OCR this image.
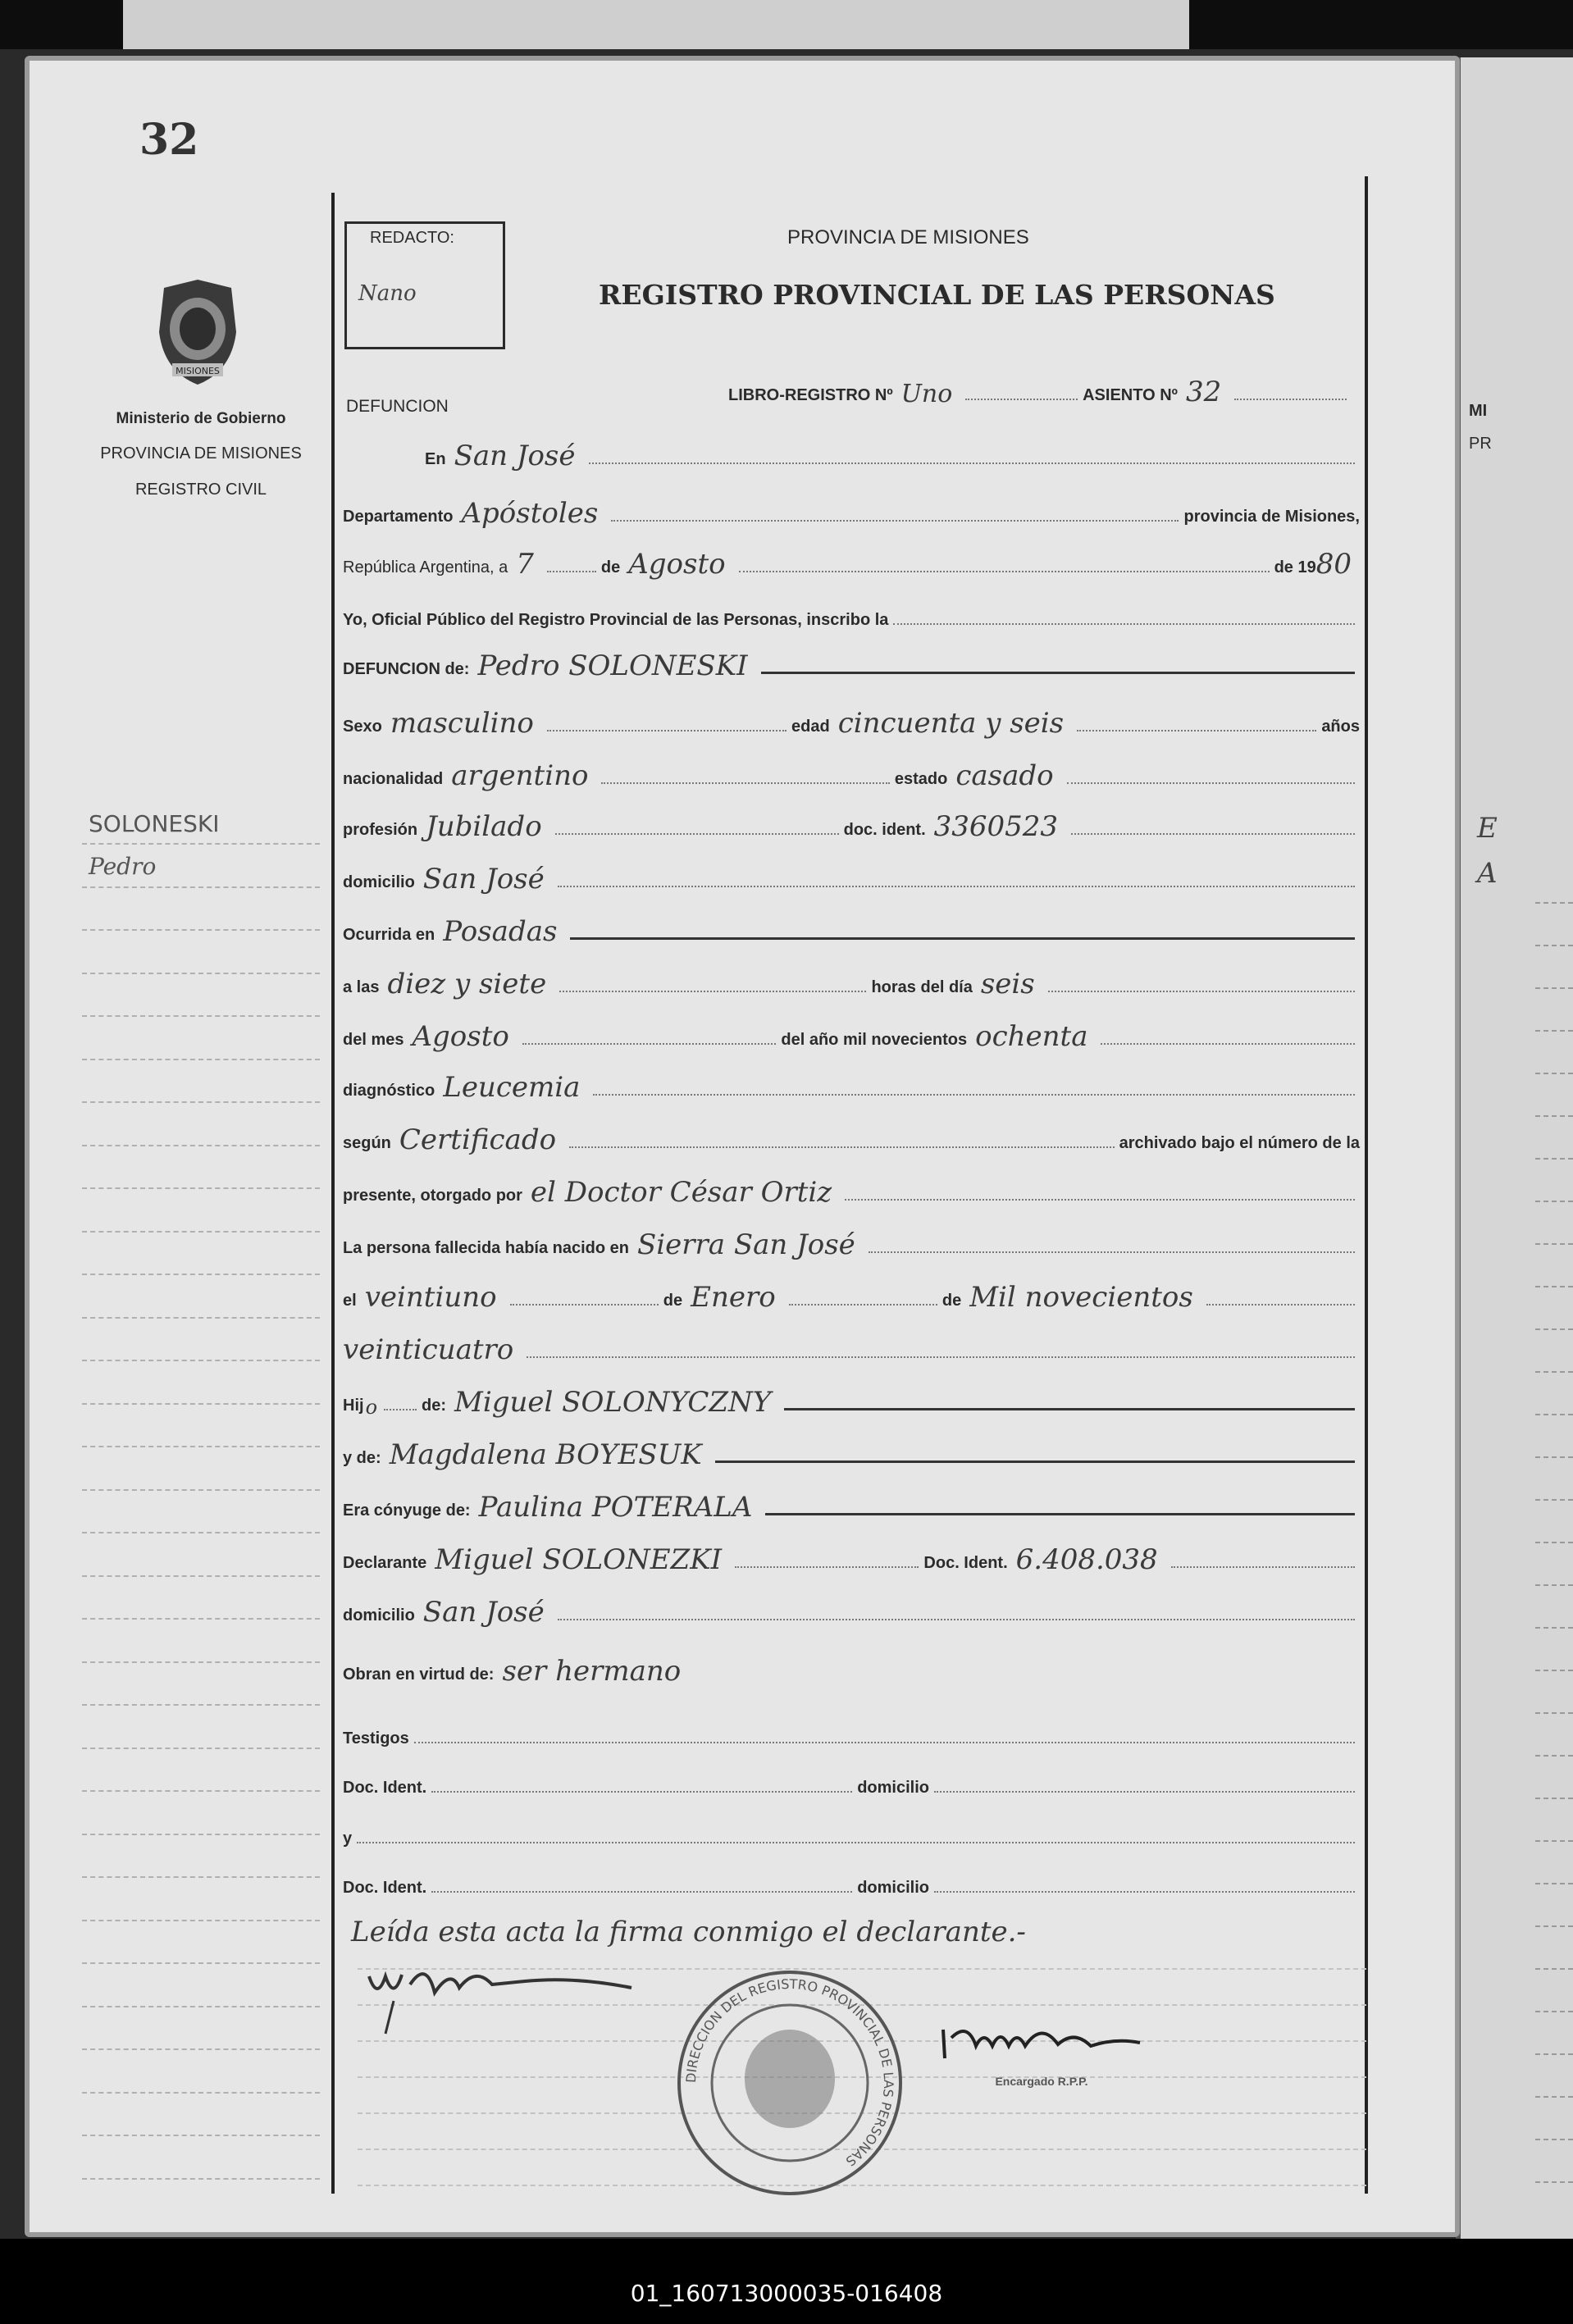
MI
PR
E
A
32
MISIONES
Ministerio de Gobierno
PROVINCIA DE MISIONES
REGISTRO CIVIL
SOLONESKI
Pedro
REDACTO:
Nano
PROVINCIA DE MISIONES
REGISTRO PROVINCIAL DE LAS PERSONAS
DEFUNCION
LIBRO-REGISTRO Nº Uno	ASIENTO Nº 32
En San José
Departamento Apóstoles	provincia de Misiones,
República Argentina, a 7	de Agosto	de 19 80
Yo, Oficial Público del Registro Provincial de las Personas, inscribo la
DEFUNCION de: Pedro SOLONESKI
Sexo masculino	edad cincuenta y seis	años
nacionalidad argentino	estado casado
profesión Jubilado	doc. ident. 3360523
domicilio San José
Ocurrida en Posadas
a las diez y siete	horas del día seis
del mes Agosto	del año mil novecientos ochenta
diagnóstico Leucemia
según Certificado	archivado bajo el número de la
presente, otorgado por el Doctor César Ortiz
La persona fallecida había nacido en Sierra San José
el veintiuno	de Enero	de Mil novecientos
veinticuatro
Hij o	de: Miguel SOLONYCZNY
y de: Magdalena BOYESUK
Era cónyuge de: Paulina POTERALA
Declarante Miguel SOLONEZKI	Doc. Ident. 6.408.038
domicilio San José
Obran en virtud de: ser hermano
Testigos
Doc. Ident.	domicilio
y
Doc. Ident.	domicilio
Leída esta acta la firma conmigo el declarante.-
DIRECCION DEL REGISTRO PROVINCIAL DE LAS PERSONAS
Encargado R.P.P.
01_160713000035-016408
